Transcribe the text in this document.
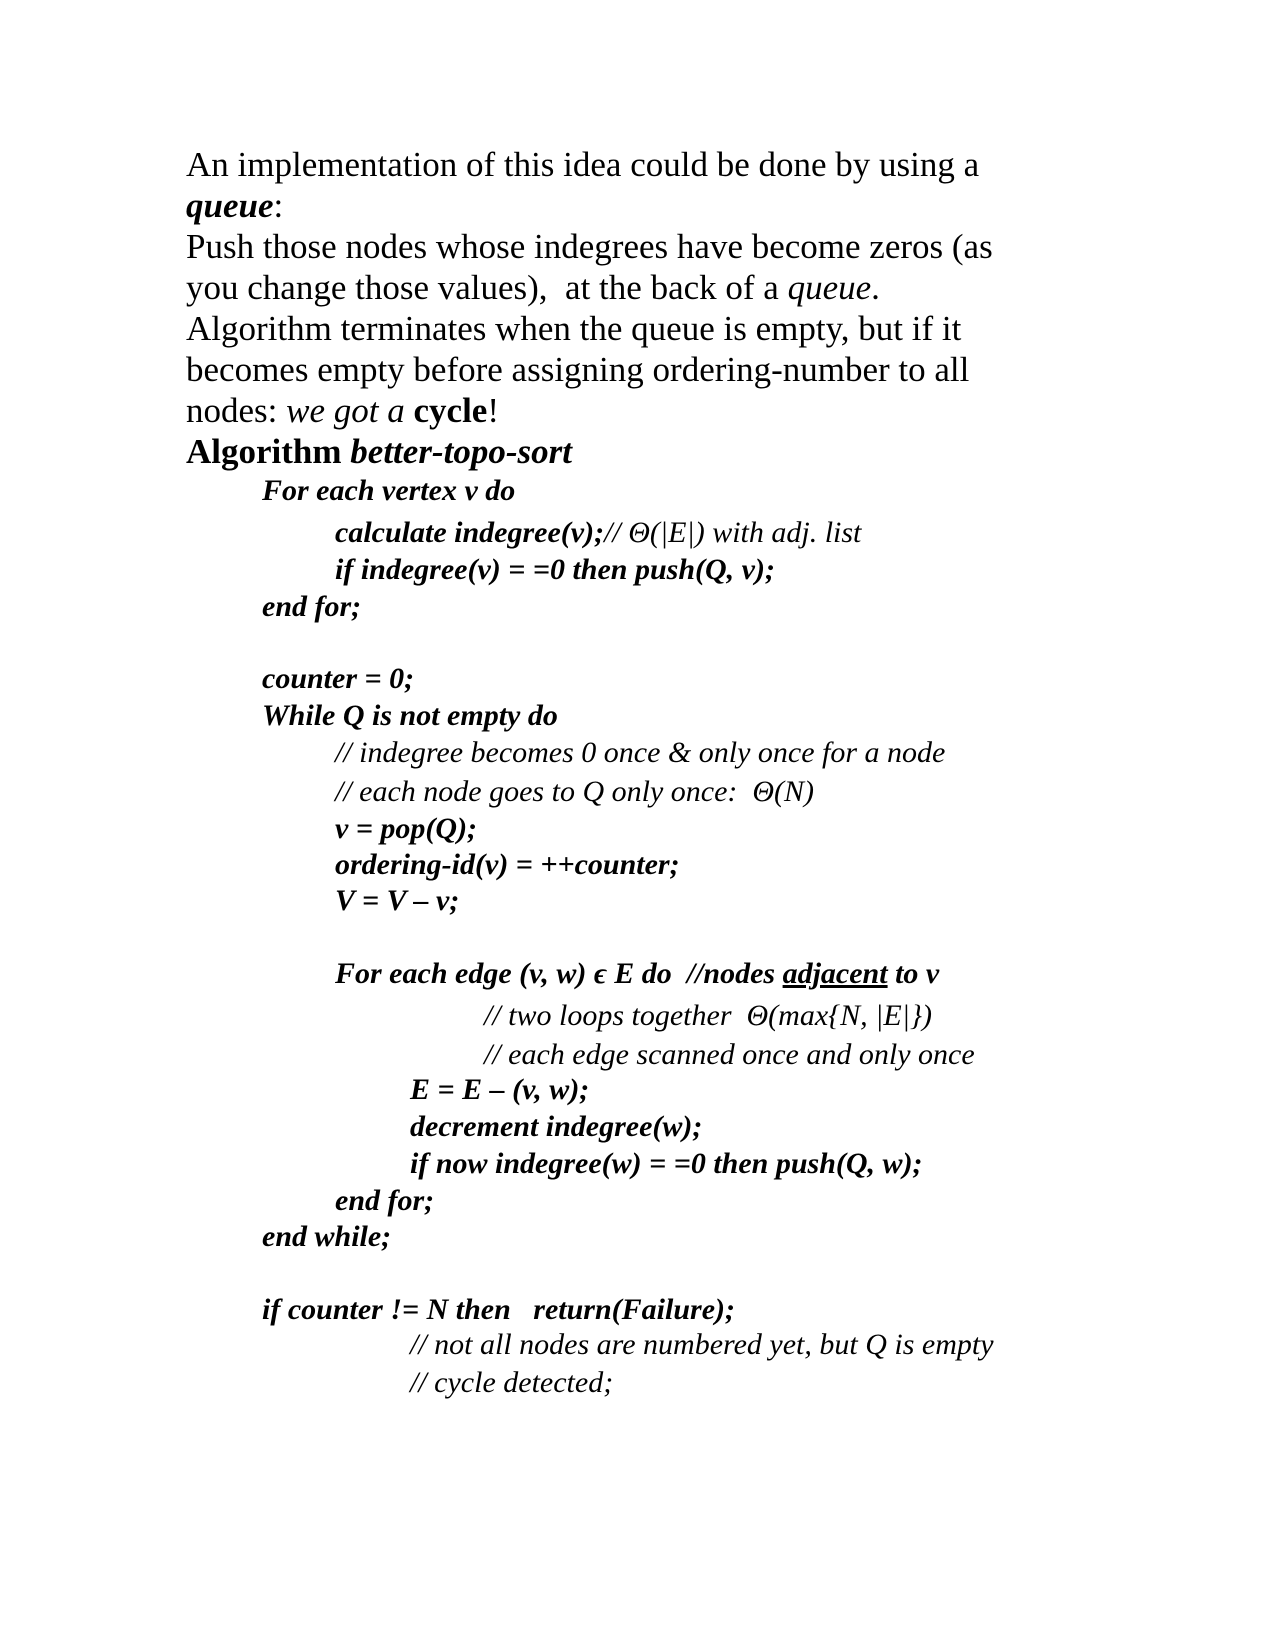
An implementation of this idea could be done by using a
queue:
Push those nodes whose indegrees have become zeros (as
you change those values),  at the back of a queue.
Algorithm terminates when the queue is empty, but if it
becomes empty before assigning ordering-number to all
nodes: we got a cycle!
Algorithm better-topo-sort
For each vertex v do
calculate indegree(v);// Θ(|E|) with adj. list
if indegree(v) = =0 then push(Q, v);
end for;
counter = 0;
While Q is not empty do
// indegree becomes 0 once & only once for a node
// each node goes to Q only once:  Θ(N)
v = pop(Q);
ordering-id(v) = ++counter;
V = V – v;
For each edge (v, w) ϵ E do  //nodes adjacent to v
// two loops together  Θ(max{N, |E|})
// each edge scanned once and only once
E = E – (v, w);
decrement indegree(w);
if now indegree(w) = =0 then push(Q, w);
end for;
end while;
if counter != N then   return(Failure);
// not all nodes are numbered yet, but Q is empty
// cycle detected;
